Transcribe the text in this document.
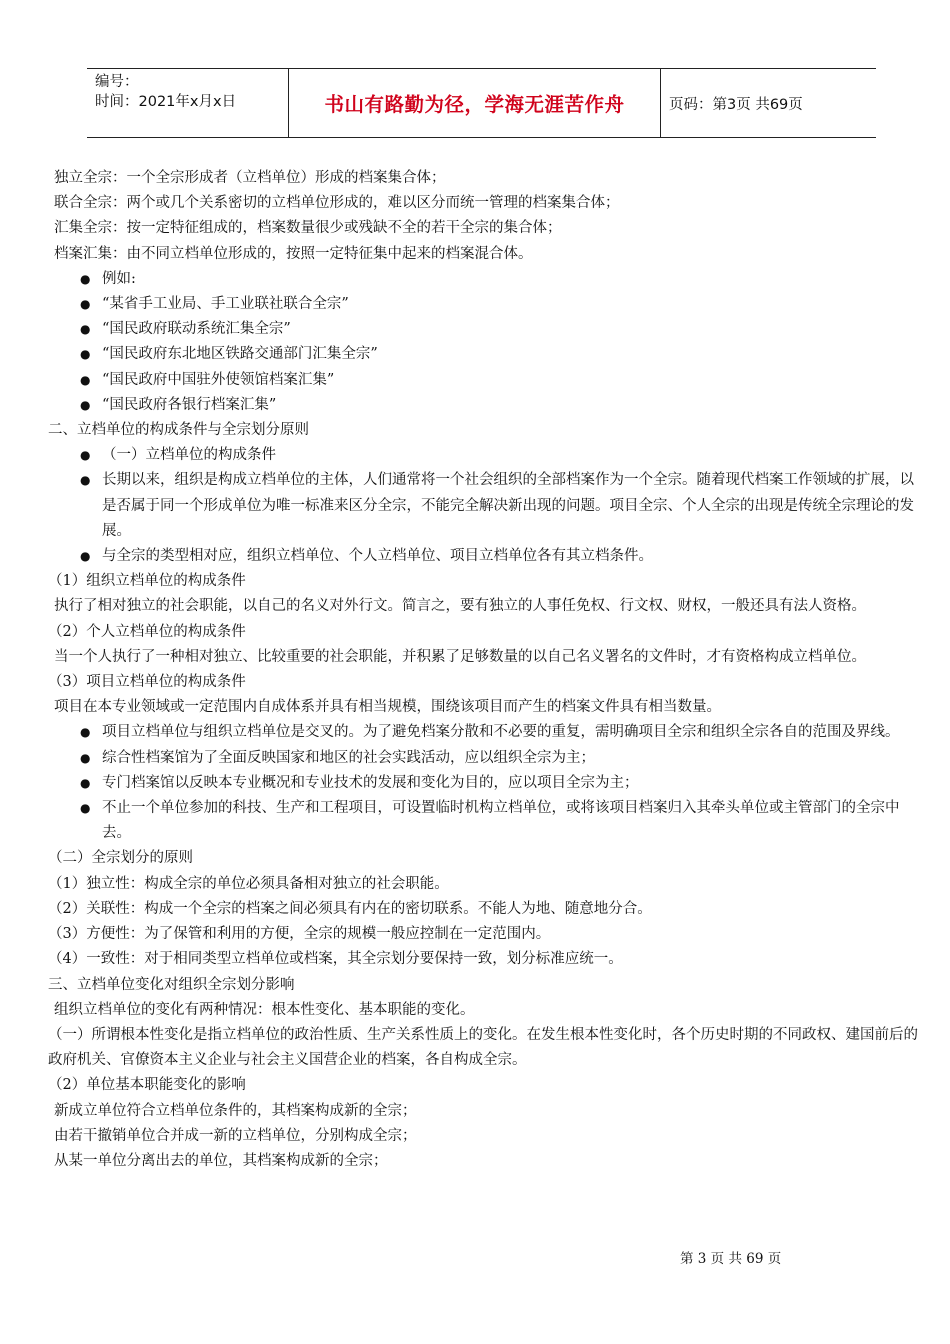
编号：
时间：2021年x月x日	书山有路勤为径，学海无涯苦作舟	页码：第3页 共69页
独立全宗：一个全宗形成者（立档单位）形成的档案集合体；
联合全宗：两个或几个关系密切的立档单位形成的，难以区分而统一管理的档案集合体；
汇集全宗：按一定特征组成的，档案数量很少或残缺不全的若干全宗的集合体；
档案汇集：由不同立档单位形成的，按照一定特征集中起来的档案混合体。
● 例如:
● “某省手工业局、手工业联社联合全宗”
● “国民政府联动系统汇集全宗”
● “国民政府东北地区铁路交通部门汇集全宗”
● “国民政府中国驻外使领馆档案汇集”
● “国民政府各银行档案汇集”
二、立档单位的构成条件与全宗划分原则
● （一）立档单位的构成条件
● 长期以来，组织是构成立档单位的主体，人们通常将一个社会组织的全部档案作为一个全宗。随着现代档案工作领域的扩展，以是否属于同一个形成单位为唯一标准来区分全宗，不能完全解决新出现的问题。项目全宗、个人全宗的出现是传统全宗理论的发展。
● 与全宗的类型相对应，组织立档单位、个人立档单位、项目立档单位各有其立档条件。
（1）组织立档单位的构成条件
执行了相对独立的社会职能，以自己的名义对外行文。简言之，要有独立的人事任免权、行文权、财权，一般还具有法人资格。
（2）个人立档单位的构成条件
当一个人执行了一种相对独立、比较重要的社会职能，并积累了足够数量的以自己名义署名的文件时，才有资格构成立档单位。
（3）项目立档单位的构成条件
项目在本专业领域或一定范围内自成体系并具有相当规模，围绕该项目而产生的档案文件具有相当数量。
● 项目立档单位与组织立档单位是交叉的。为了避免档案分散和不必要的重复，需明确项目全宗和组织全宗各自的范围及界线。
● 综合性档案馆为了全面反映国家和地区的社会实践活动，应以组织全宗为主；
● 专门档案馆以反映本专业概况和专业技术的发展和变化为目的，应以项目全宗为主；
● 不止一个单位参加的科技、生产和工程项目，可设置临时机构立档单位，或将该项目档案归入其牵头单位或主管部门的全宗中去。
（二）全宗划分的原则
（1）独立性：构成全宗的单位必须具备相对独立的社会职能。
（2）关联性：构成一个全宗的档案之间必须具有内在的密切联系。不能人为地、随意地分合。
（3）方便性：为了保管和利用的方便，全宗的规模一般应控制在一定范围内。
（4）一致性：对于相同类型立档单位或档案，其全宗划分要保持一致，划分标准应统一。
三、立档单位变化对组织全宗划分影响
组织立档单位的变化有两种情况：根本性变化、基本职能的变化。
（一）所谓根本性变化是指立档单位的政治性质、生产关系性质上的变化。在发生根本性变化时，各个历史时期的不同政权、建国前后的政府机关、官僚资本主义企业与社会主义国营企业的档案，各自构成全宗。
（2）单位基本职能变化的影响
新成立单位符合立档单位条件的，其档案构成新的全宗；
由若干撤销单位合并成一新的立档单位，分别构成全宗；
从某一单位分离出去的单位，其档案构成新的全宗；
第 3 页 共 69 页
